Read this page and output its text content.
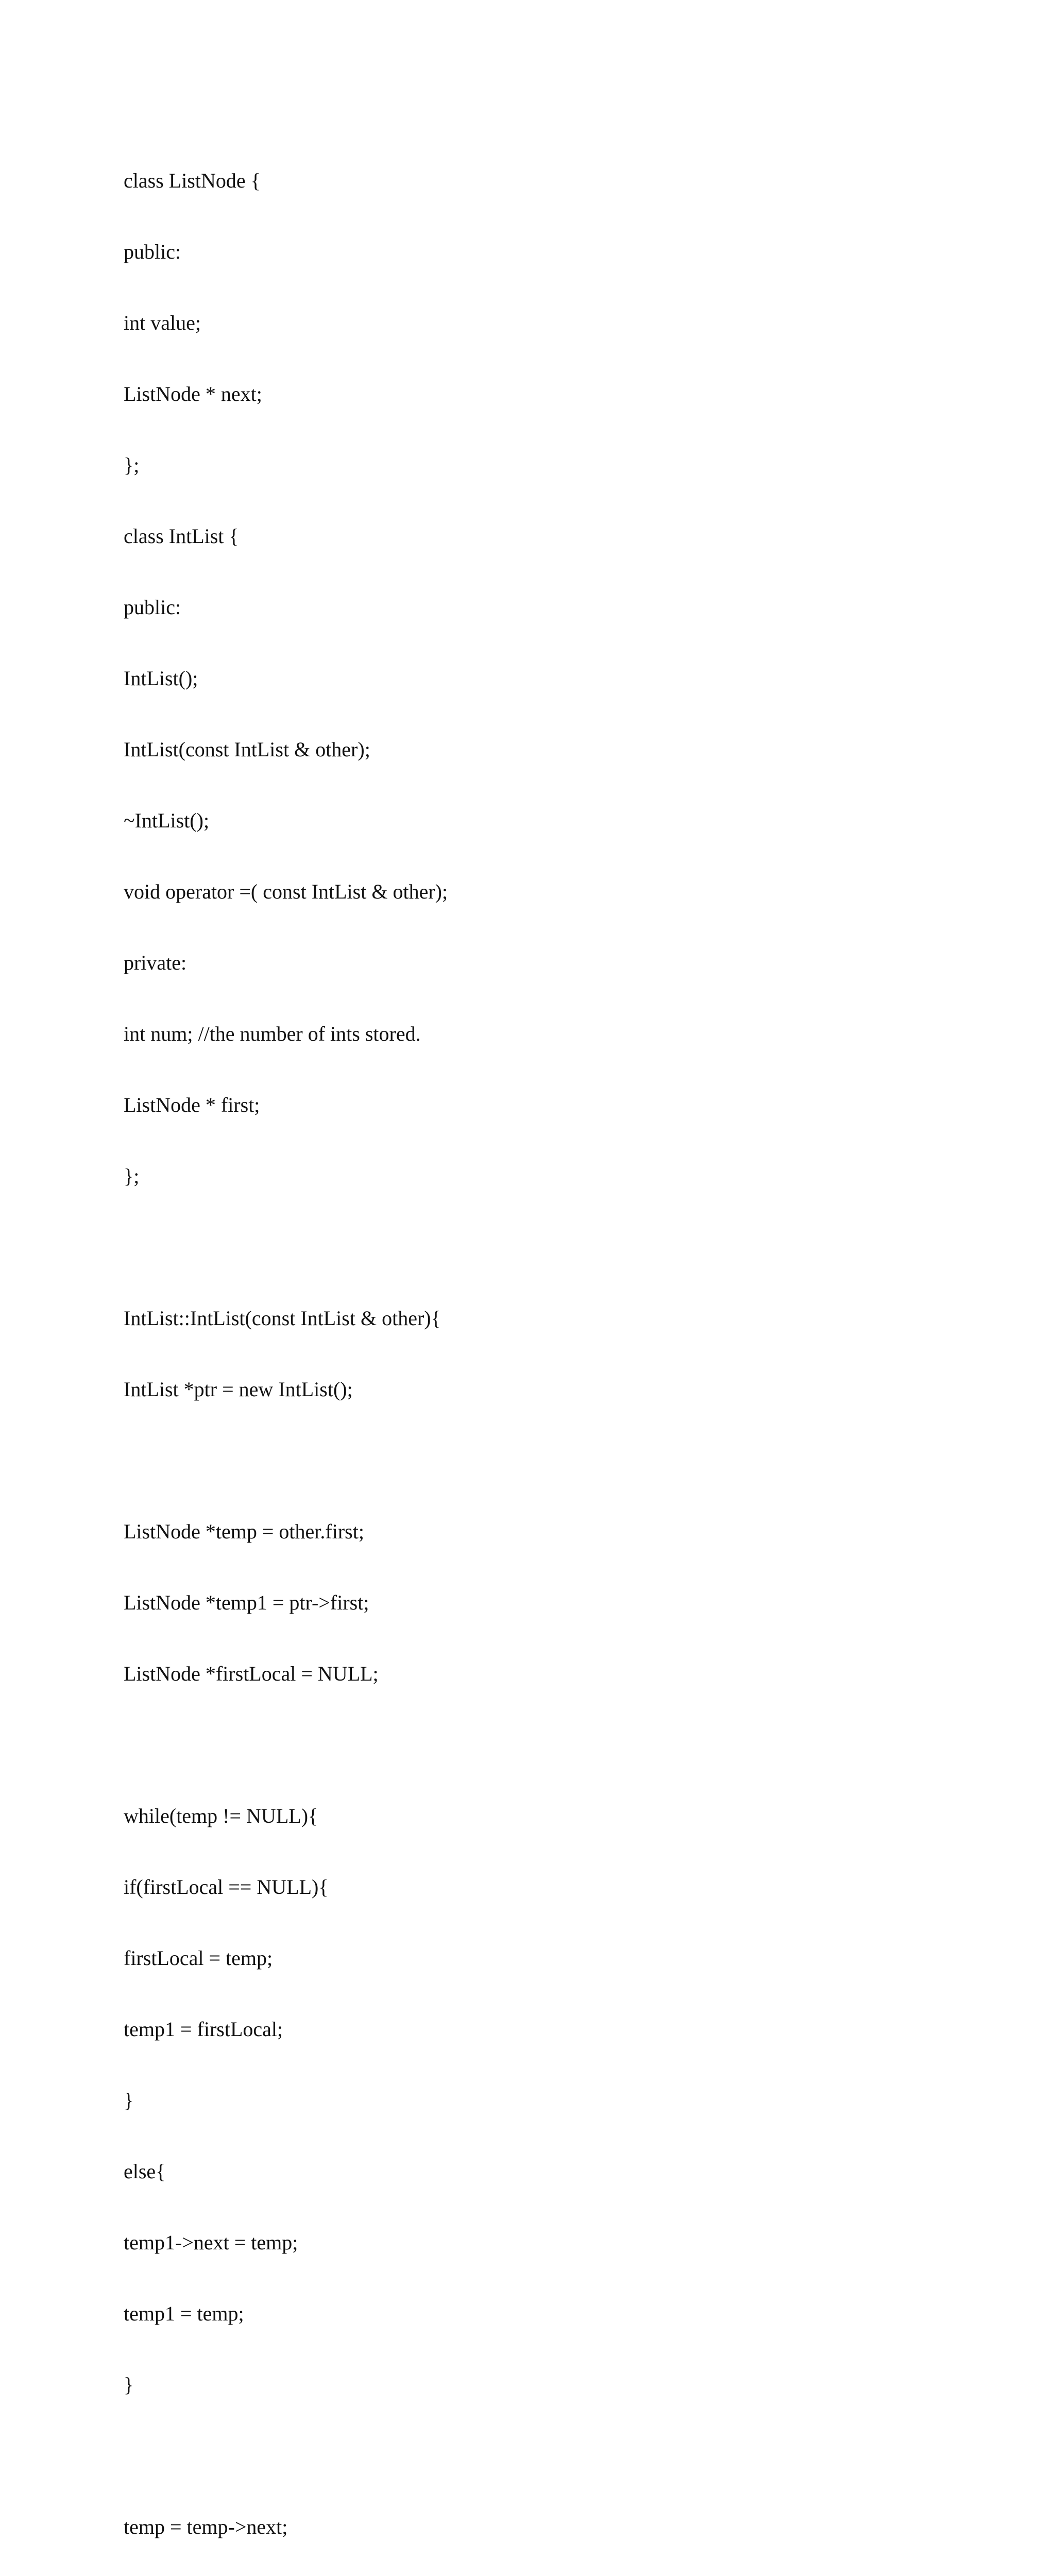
class ListNode {

public:

int value;

ListNode * next;

};

class IntList {

public:

IntList();

IntList(const IntList & other);

~IntList();

void operator =( const IntList & other);

private:

int num; //the number of ints stored.

ListNode * first;

};

IntList::IntList(const IntList & other){

IntList *ptr = new IntList();

ListNode *temp = other.first;

ListNode *temp1 = ptr->first;

ListNode *firstLocal = NULL;

while(temp != NULL){

if(firstLocal == NULL){

firstLocal = temp;

temp1 = firstLocal;

}

else{

temp1->next = temp;

temp1 = temp;

}

temp = temp->next;
